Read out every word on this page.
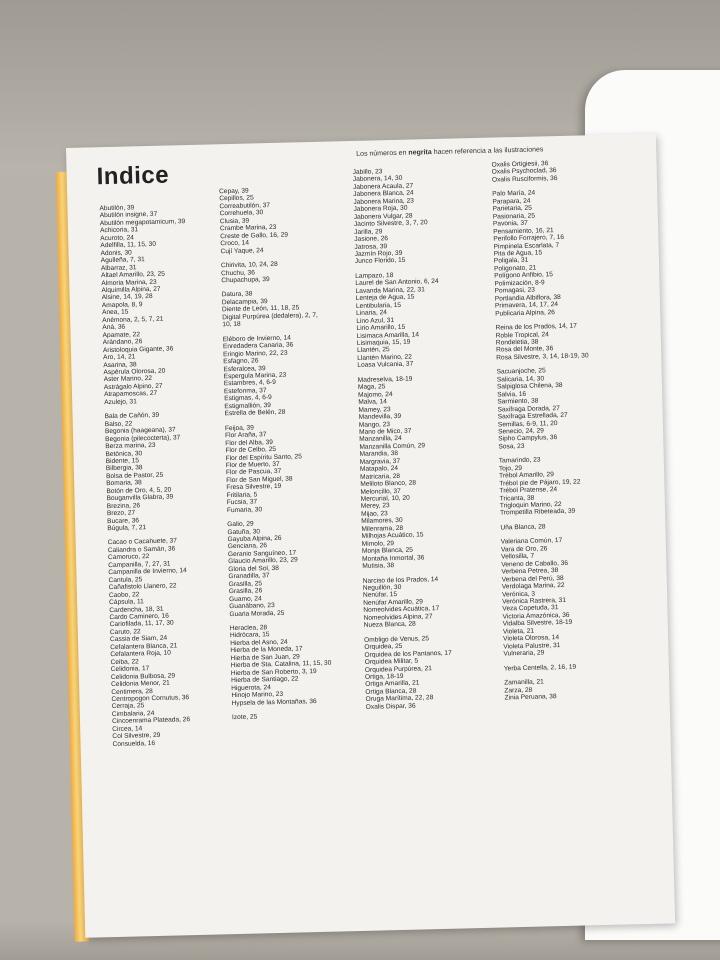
Indice
Los números en negrita hacen referencia a las ilustraciones
Abutilón, 39
Abutilón insigne, 37
Abutilón megapotamicum, 39
Achicoria, 31
Acuroto, 24
Adelfilla, 11, 15, 30
Adonis, 30
Agulleña, 7, 31
Albarraz, 31
Altael Amarillo, 23, 25
Almoria Marina, 23
Alquimilla Alpina, 27
Alsine, 14, 19, 28
Amapola, 8, 9
Anea, 15
Anémona, 2, 5, 7, 21
Aná, 36
Apamate, 22
Arándano, 26
Aristoloquia Gigante, 36
Aro, 14, 21
Asarina, 38
Aspérula Olorosa, 20
Aster Marino, 22
Astrágalo Alpino, 27
Atrapamoscas, 27
Azulejo, 31
Bala de Cañón, 39
Balso, 22
Begonia (haageana), 37
Begonia (pilecocterta), 37
Berza marina, 23
Betónica, 30
Bidente, 15
Bilbergia, 38
Bolsa de Pastor, 25
Bomaria, 38
Botón de Oro, 4, 5, 20
Bouganvilla Glabra, 39
Brezina, 26
Brezo, 27
Bucare, 36
Búgula, 7, 21
Cacao o Cacahuete, 37
Caliandra o Samán, 36
Camoruco, 22
Campanilla, 7, 27, 31
Campanilla de Invierno, 14
Cantula, 25
Cañafistolo Llanero, 22
Caobo, 22
Cápsula, 11
Cardencha, 18, 31
Cardo Caminero, 16
Cariofilada, 11, 17, 30
Caruto, 22
Cassia de Siam, 24
Cefalantera Blanca, 21
Cefalantera Roja, 10
Ceiba, 22
Celidonia, 17
Celidonia Bulbosa, 29
Celidonia Menor, 21
Centimera, 28
Centropogon Cornutus, 36
Cerraja, 25
Cimbalaria, 24
Cincoenrama Plateada, 26
Circea, 14
Col Silvestre, 29
Consuelda, 16
Cepay, 39
Cepillos, 25
Correabutilón, 37
Correhuela, 30
Clusia, 39
Crambe Marina, 23
Creste de Gallo, 16, 29
Croco, 14
Cují Yaque, 24
Chirivita, 10, 24, 28
Chuchu, 36
Chupachupa, 39
Datura, 38
Delacampia, 39
Diente de León, 11, 18, 25
Digital Purpúrea (dedalera), 2, 7,
10, 18
Eléboro de Invierno, 14
Enredadera Canaria, 36
Eringio Marino, 22, 23
Esfagno, 26
Esferalcea, 39
Espergula Marina, 23
Estambres, 4, 6-9
Estefonma, 37
Estigmas, 4, 6-9
Estigmallión, 39
Estrella de Belén, 28
Feijoa, 39
Flor Araña, 37
Flor del Alba, 39
Flor de Celbo, 25
Flor del Espíritu Santo, 25
Flor de Muerto, 37
Flor de Pascua, 37
Flor de San Miguel, 38
Fresa Silvestre, 19
Fritilaria, 5
Fucsia, 37
Fumaria, 30
Galio, 29
Gatuña, 30
Gayuba Alpina, 26
Genciana, 26
Geranio Sanguíneo, 17
Glaucio Amarillo, 23, 29
Gloria del Sol, 38
Granadilla, 37
Grasilla, 25
Grasilla, 26
Guamo, 24
Guanábano, 23
Guaria Morada, 25
Heraclea, 28
Hidrócara, 15
Hierba del Asno, 24
Hierba de la Moneda, 17
Hierba de San Juan, 29
Hierba de Sta. Catalina, 11, 15, 30
Hierba de San Roberto, 3, 19
Hierba de Santiago, 22
Higuerota, 24
Hinojo Marino, 23
Hypsela de las Montañas, 36
Izote, 25
Jabillo, 23
Jabonera, 14, 30
Jabonera Acaula, 27
Jabonera Blanca, 24
Jabonera Marina, 23
Jabonera Roja, 30
Jabonera Vulgar, 28
Jacinto Silvestre, 3, 7, 20
Jarilla, 29
Jasione, 26
Jatrosa, 39
Jazmín Rojo, 39
Junco Florido, 15
Lampazo, 18
Laurel de San Antonio, 6, 24
Lavanda Marina, 22, 31
Lenteja de Agua, 15
Lentibularia, 15
Linaria, 24
Lino Azul, 31
Lirio Amarillo, 15
Lisimaca Amarilla, 14
Lisimaquia, 15, 19
Llantén, 25
Llantén Marino, 22
Loasa Vulcania, 37
Madreselva, 18-19
Maga, 25
Majomo, 24
Malva, 14
Mamey, 23
Mandevilla, 39
Mango, 23
Mano de Mico, 37
Manzanilla, 24
Manzanilla Común, 29
Marandia, 38
Margravia, 37
Matapalo, 24
Matricaria, 28
Meliloto Blanco, 28
Meloncillo, 37
Mercurial, 10, 20
Merey, 23
Mijao, 23
Milamores, 30
Milenrama, 28
Milhojas Acuático, 15
Mimolo, 29
Monja Blanca, 25
Montaña Inmortal, 36
Mutisia, 38
Narciso de los Prados, 14
Neguillón, 30
Nenúfar, 15
Nenúfar Amarillo, 29
Nomeolvides Acuática, 17
Nomeolvides Alpina, 27
Nueza Blanca, 28
Ombligo de Venus, 25
Orquidea, 25
Orquidea de los Pantanos, 17
Orquidea Militar, 5
Orquidea Purpúrea, 21
Ortiga, 18-19
Ortiga Amarilla, 21
Ortiga Blanca, 28
Oruga Marítima, 22, 28
Oxalis Dispar, 36
Oxalis Ortigiesii, 36
Oxalis Psychoclad, 36
Oxalis Rusciformis, 36
Palo María, 24
Parapara, 24
Parietaria, 25
Pasionaria, 25
Pavonia, 37
Pensamiento, 16, 21
Perifollo Forrajero, 7, 16
Pimpinela Escarlata, 7
Pita de Agua, 15
Poligala, 31
Poligonato, 21
Polígono Anfibio, 15
Polimización, 8-9
Pomagasi, 23
Portlandia Albiflora, 38
Primavera, 14, 17, 24
Publicaria Alpina, 26
Reina de los Prados, 14, 17
Roble Tropical, 24
Rondeletia, 38
Rosa del Monte, 36
Rosa Silvestre, 3, 14, 18-19, 30
Sacuanjoche, 25
Salicaria, 14, 30
Salpiglosa Chilena, 38
Salvia, 16
Sarmiento, 38
Saxifraga Dorada, 27
Saxifraga Estrellada, 27
Semillas, 6-9, 11, 20
Senecio, 24, 29
Sipho Campylus, 36
Sosa, 23
Tamarindo, 23
Tojo, 29
Trébol Amarillo, 29
Trébol pie de Pájaro, 19, 22
Trébol Pratense, 24
Tricanta, 38
Trigloquin Marino, 22
Trompetilla Ribeteada, 39
Uña Blanca, 28
Valeriana Común, 17
Vara de Oro, 26
Vellosilla, 7
Veneno de Caballo, 36
Verbena Petrea, 38
Verbena del Perú, 38
Verdolaga Marina, 22
Verónica, 3
Verónica Rastrera, 31
Veza Copetuda, 31
Victoria Amazónica, 36
Vidalba Silvestre, 18-19
Violeta, 21
Violeta Olorosa, 14
Violeta Palustre, 31
Vulneraria, 29
Yerba Centella, 2, 16, 19
Zamanilla, 21
Zarza, 28
Zinia Peruana, 38
